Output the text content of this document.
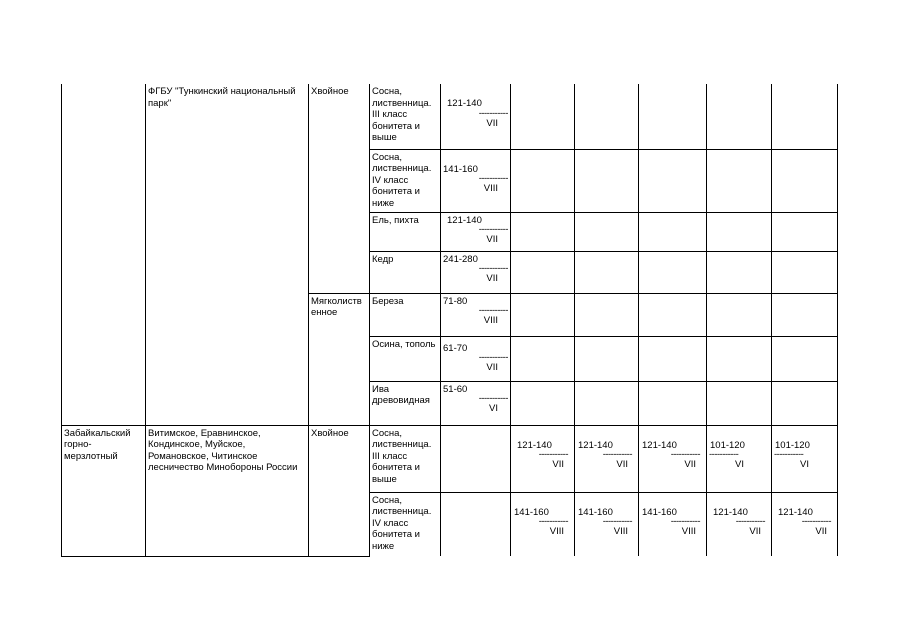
	ФГБУ "Тункинский национальный парк"	Хвойное	Сосна, лиственница. III класс бонитета и выше	121-140
-----------
VII					

			Сосна, лиственница. IV класс бонитета и ниже	141-160
-----------
VIII					

			Ель, пихта	121-140
-----------
VII					

			Кедр	241-280
-----------
VII					

		Мягколиственное	Береза	71-80
-----------
VIII					

			Осина, тополь	61-70
-----------
VII					

			Ива древовидная	51-60
-----------
VI					

Забайкальский горно-мерзлотный	Витимское, Еравнинское, Кондинское, Муйское, Романовское, Читинское лесничество Минобороны России	Хвойное	Сосна, лиственница. III класс бонитета и выше		121-140
-----------
VII	121-140
-----------
VII	121-140
-----------
VII	101-120
-----------
VI	101-120
-----------
VI

			Сосна, лиственница. IV класс бонитета и ниже		141-160
-----------
VIII	141-160
-----------
VIII	141-160
-----------
VIII	121-140
-----------
VII	121-140
-----------
VII
